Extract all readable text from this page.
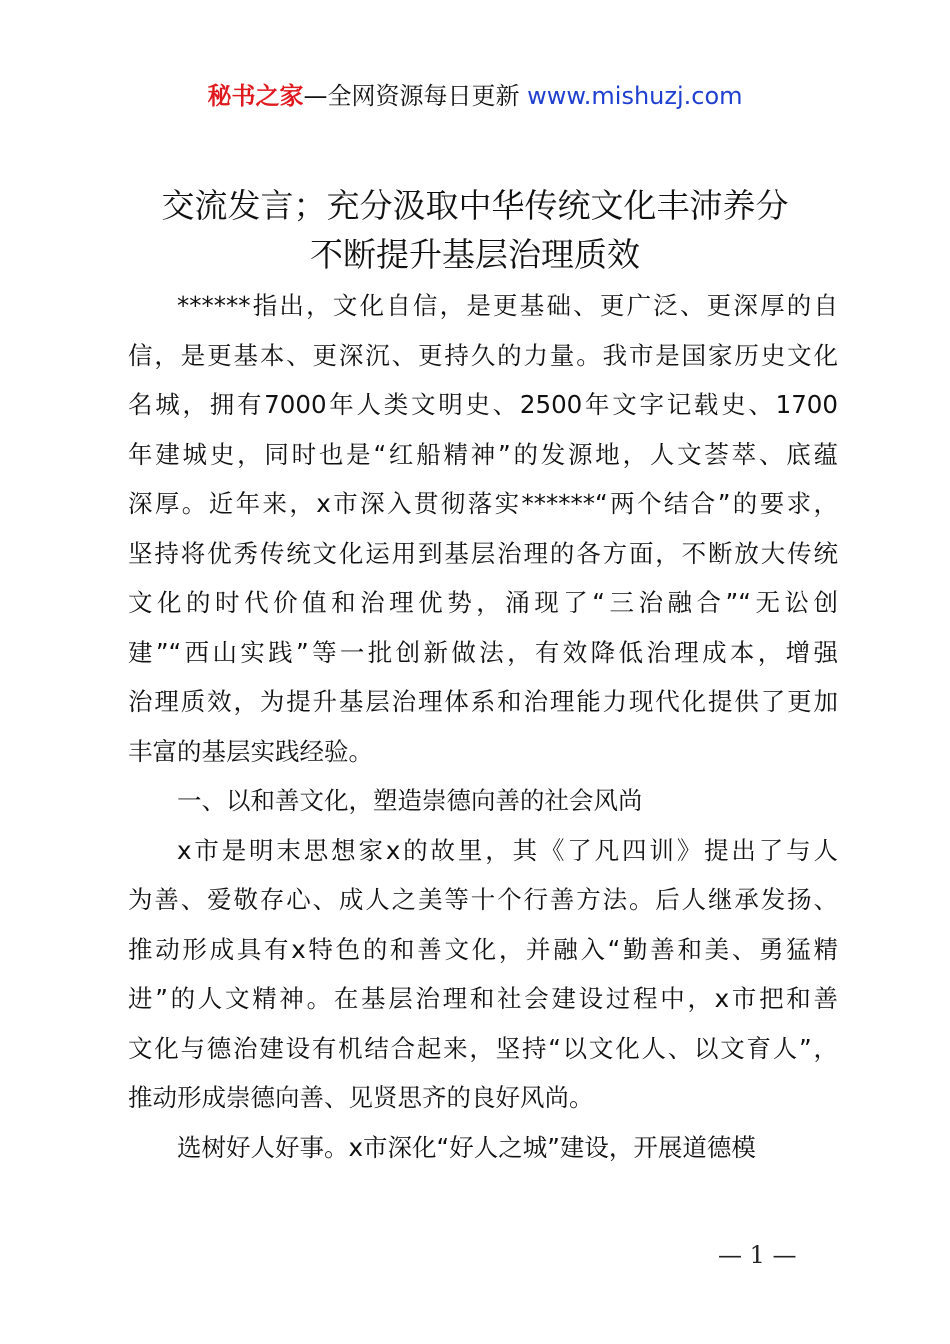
秘书之家—全网资源每日更新 www.mishuzj.com
交流发言；充分汲取中华传统文化丰沛养分
不断提升基层治理质效
******指出，文化自信，是更基础、更广泛、更深厚的自
信，是更基本、更深沉、更持久的力量。我市是国家历史文化
名城，拥有7000年人类文明史、2500年文字记载史、1700
年建城史，同时也是“红船精神”的发源地，人文荟萃、底蕴
深厚。近年来，x市深入贯彻落实******“两个结合”的要求，
坚持将优秀传统文化运用到基层治理的各方面，不断放大传统
文化的时代价值和治理优势，涌现了“三治融合”“无讼创
建”“西山实践”等一批创新做法，有效降低治理成本，增强
治理质效，为提升基层治理体系和治理能力现代化提供了更加
丰富的基层实践经验。
一、以和善文化，塑造崇德向善的社会风尚
x市是明末思想家x的故里，其《了凡四训》提出了与人
为善、爱敬存心、成人之美等十个行善方法。后人继承发扬、
推动形成具有x特色的和善文化，并融入“勤善和美、勇猛精
进”的人文精神。在基层治理和社会建设过程中，x市把和善
文化与德治建设有机结合起来，坚持“以文化人、以文育人”，
推动形成崇德向善、见贤思齐的良好风尚。
选树好人好事。x市深化“好人之城”建设，开展道德模
— 1 —
